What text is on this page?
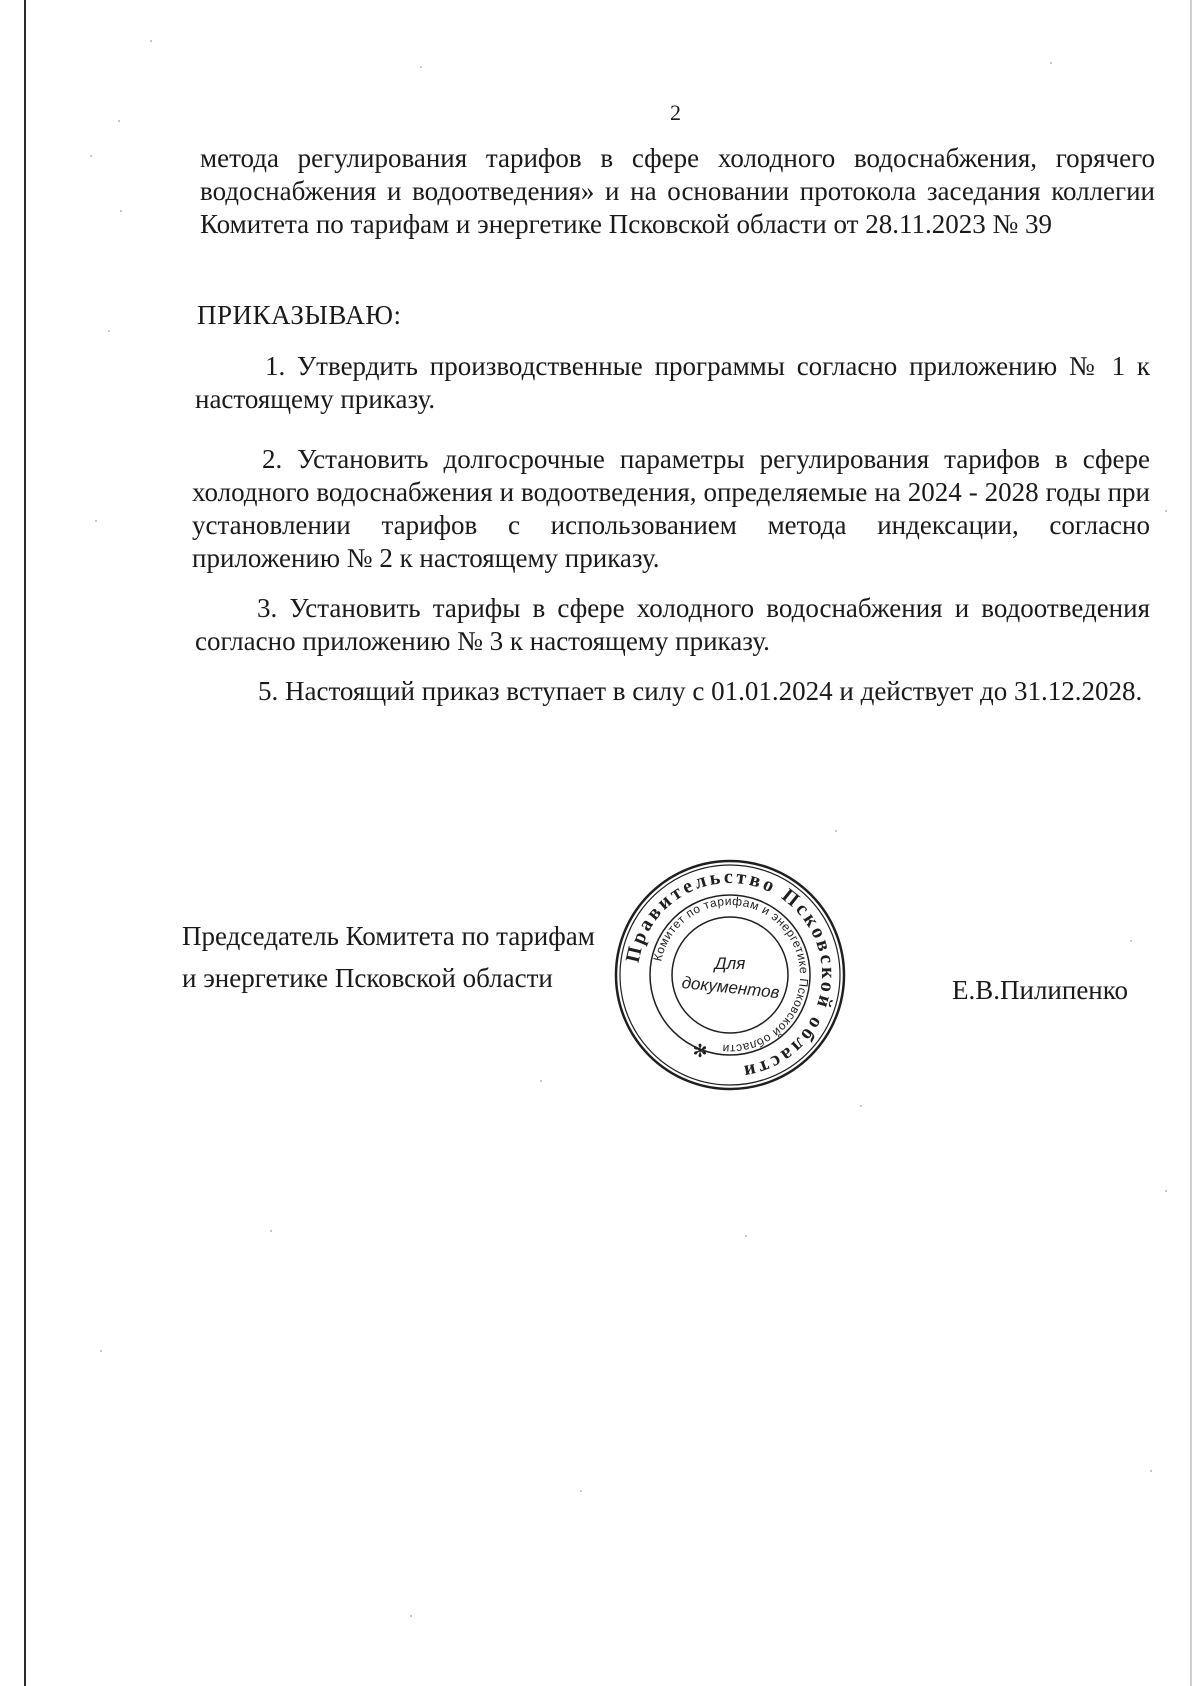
2
метода регулирования тарифов в сфере холодного водоснабжения, горячего водоснабжения и водоотведения» и на основании протокола заседания коллегии Комитета по тарифам и энергетике Псковской области от 28.11.2023 № 39
ПРИКАЗЫВАЮ:
1. Утвердить производственные программы согласно приложению № 1 к настоящему приказу.
2. Установить долгосрочные параметры регулирования тарифов в сфере холодного водоснабжения и водоотведения, определяемые на 2024 - 2028 годы при установлении тарифов с использованием метода индексации, согласно приложению № 2 к настоящему приказу.
3. Установить тарифы в сфере холодного водоснабжения и водоотведения согласно приложению № 3 к настоящему приказу.
5. Настоящий приказ вступает в силу с 01.01.2024 и действует до 31.12.2028.
Председатель Комитета по тарифам
и энергетике Псковской области	Е.В.Пилипенко
Правительство Псковской области
Комитет по тарифам и энергетике Псковской области
Для
документов
✻
